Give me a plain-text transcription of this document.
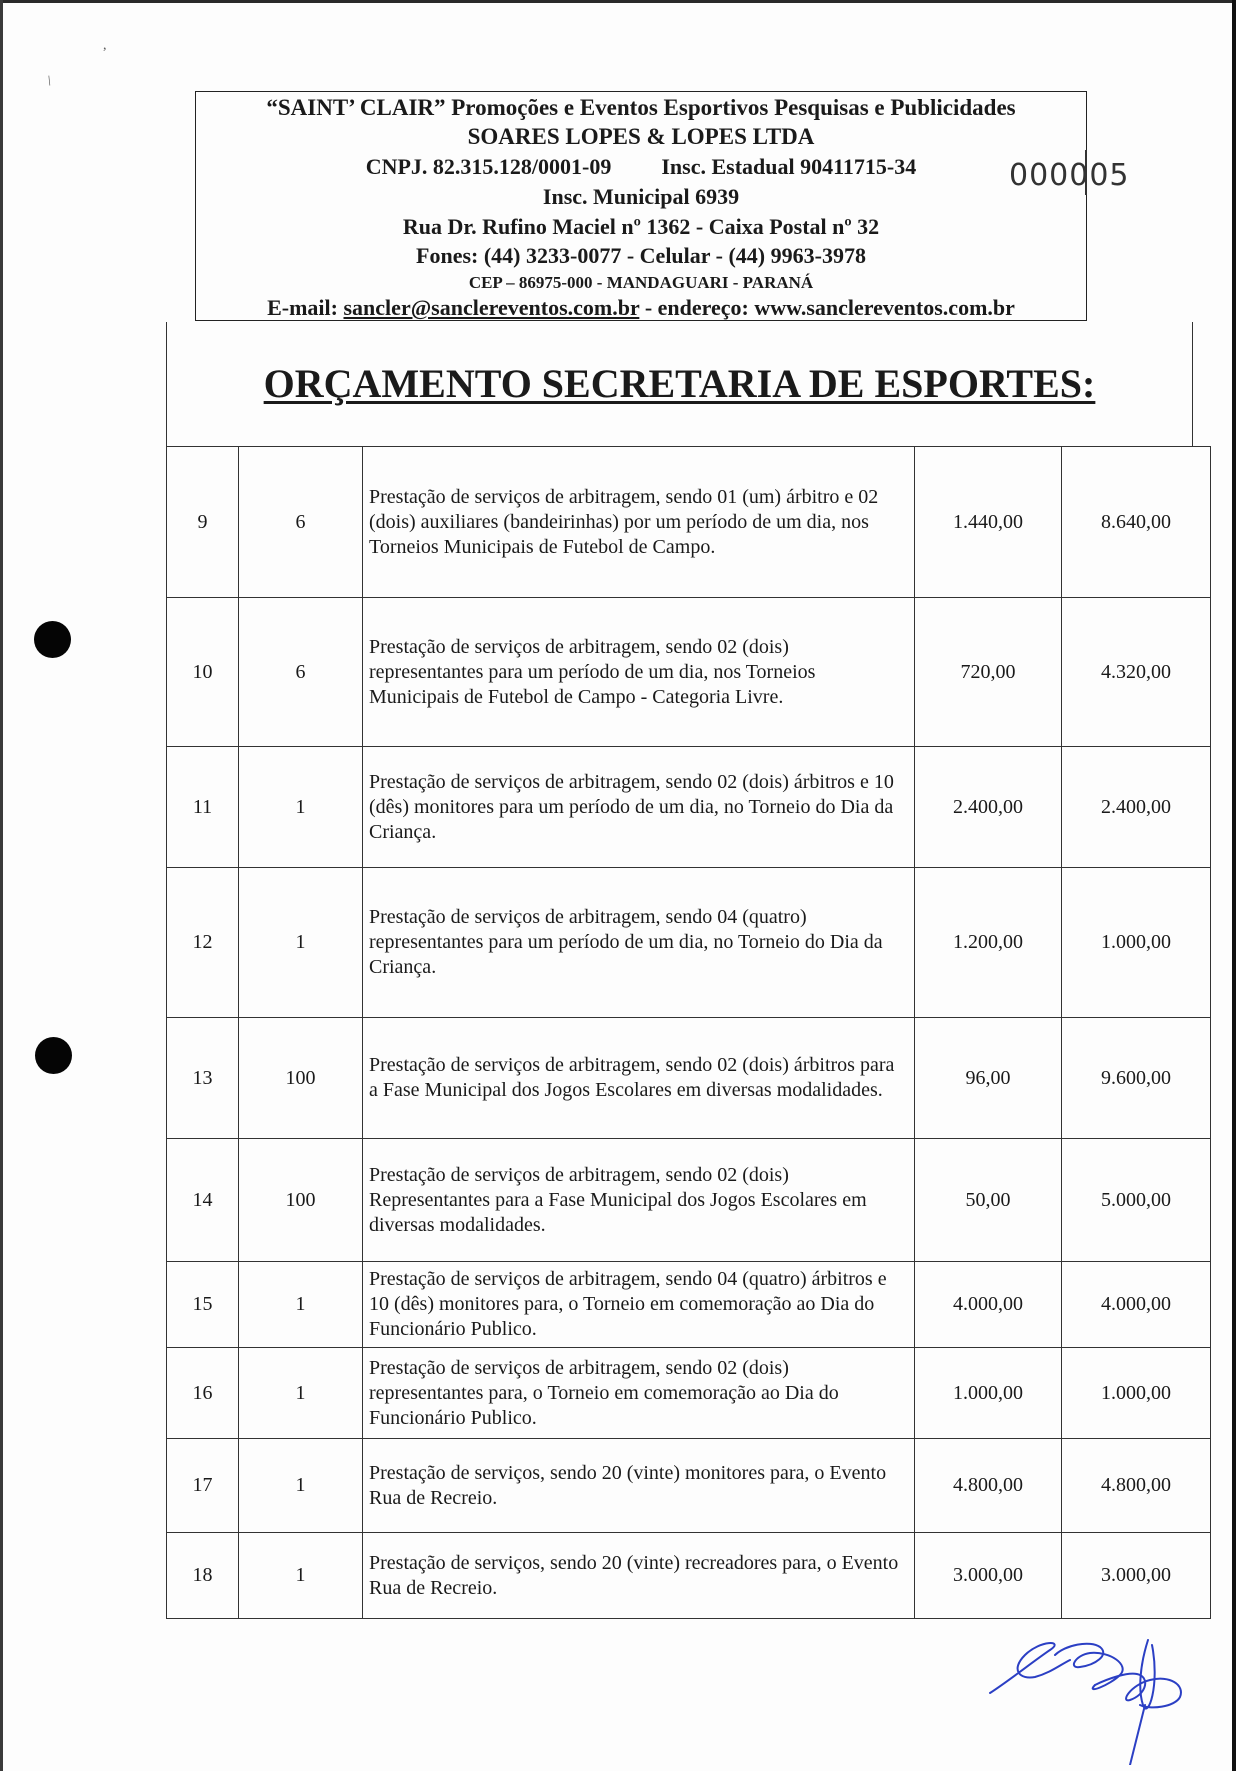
,
/
“SAINT’ CLAIR” Promoções e Eventos Esportivos Pesquisas e Publicidades
SOARES LOPES & LOPES LTDA
CNPJ. 82.315.128/0001-09 Insc. Estadual 90411715-34
Insc. Municipal 6939
Rua Dr. Rufino Maciel nº 1362 - Caixa Postal nº 32
Fones: (44) 3233-0077 - Celular - (44) 9963-3978
CEP – 86975-000 - MANDAGUARI - PARANÁ
E-mail: sancler@sanclereventos.com.br - endereço: www.sanclereventos.com.br
000005
ORÇAMENTO SECRETARIA DE ESPORTES:
9	6	Prestação de serviços de arbitragem, sendo 01 (um) árbitro e 02 (dois) auxiliares (bandeirinhas) por um período de um dia, nos Torneios Municipais de Futebol de Campo.	1.440,00	8.640,00
10	6	Prestação de serviços de arbitragem, sendo 02 (dois) representantes para um período de um dia, nos Torneios Municipais de Futebol de Campo - Categoria Livre.	720,00	4.320,00
11	1	Prestação de serviços de arbitragem, sendo 02 (dois) árbitros e 10 (dês) monitores para um período de um dia, no Torneio do Dia da Criança.	2.400,00	2.400,00
12	1	Prestação de serviços de arbitragem, sendo 04 (quatro) representantes para um período de um dia, no Torneio do Dia da Criança.	1.200,00	1.000,00
13	100	Prestação de serviços de arbitragem, sendo 02 (dois) árbitros para a Fase Municipal dos Jogos Escolares em diversas modalidades.	96,00	9.600,00
14	100	Prestação de serviços de arbitragem, sendo 02 (dois) Representantes para a Fase Municipal dos Jogos Escolares em diversas modalidades.	50,00	5.000,00
15	1	Prestação de serviços de arbitragem, sendo 04 (quatro) árbitros e 10 (dês) monitores para, o Torneio em comemoração ao Dia do Funcionário Publico.	4.000,00	4.000,00
16	1	Prestação de serviços de arbitragem, sendo 02 (dois) representantes para, o Torneio em comemoração ao Dia do Funcionário Publico.	1.000,00	1.000,00
17	1	Prestação de serviços, sendo 20 (vinte) monitores para, o Evento Rua de Recreio.	4.800,00	4.800,00
18	1	Prestação de serviços, sendo 20 (vinte) recreadores para, o Evento Rua de Recreio.	3.000,00	3.000,00
